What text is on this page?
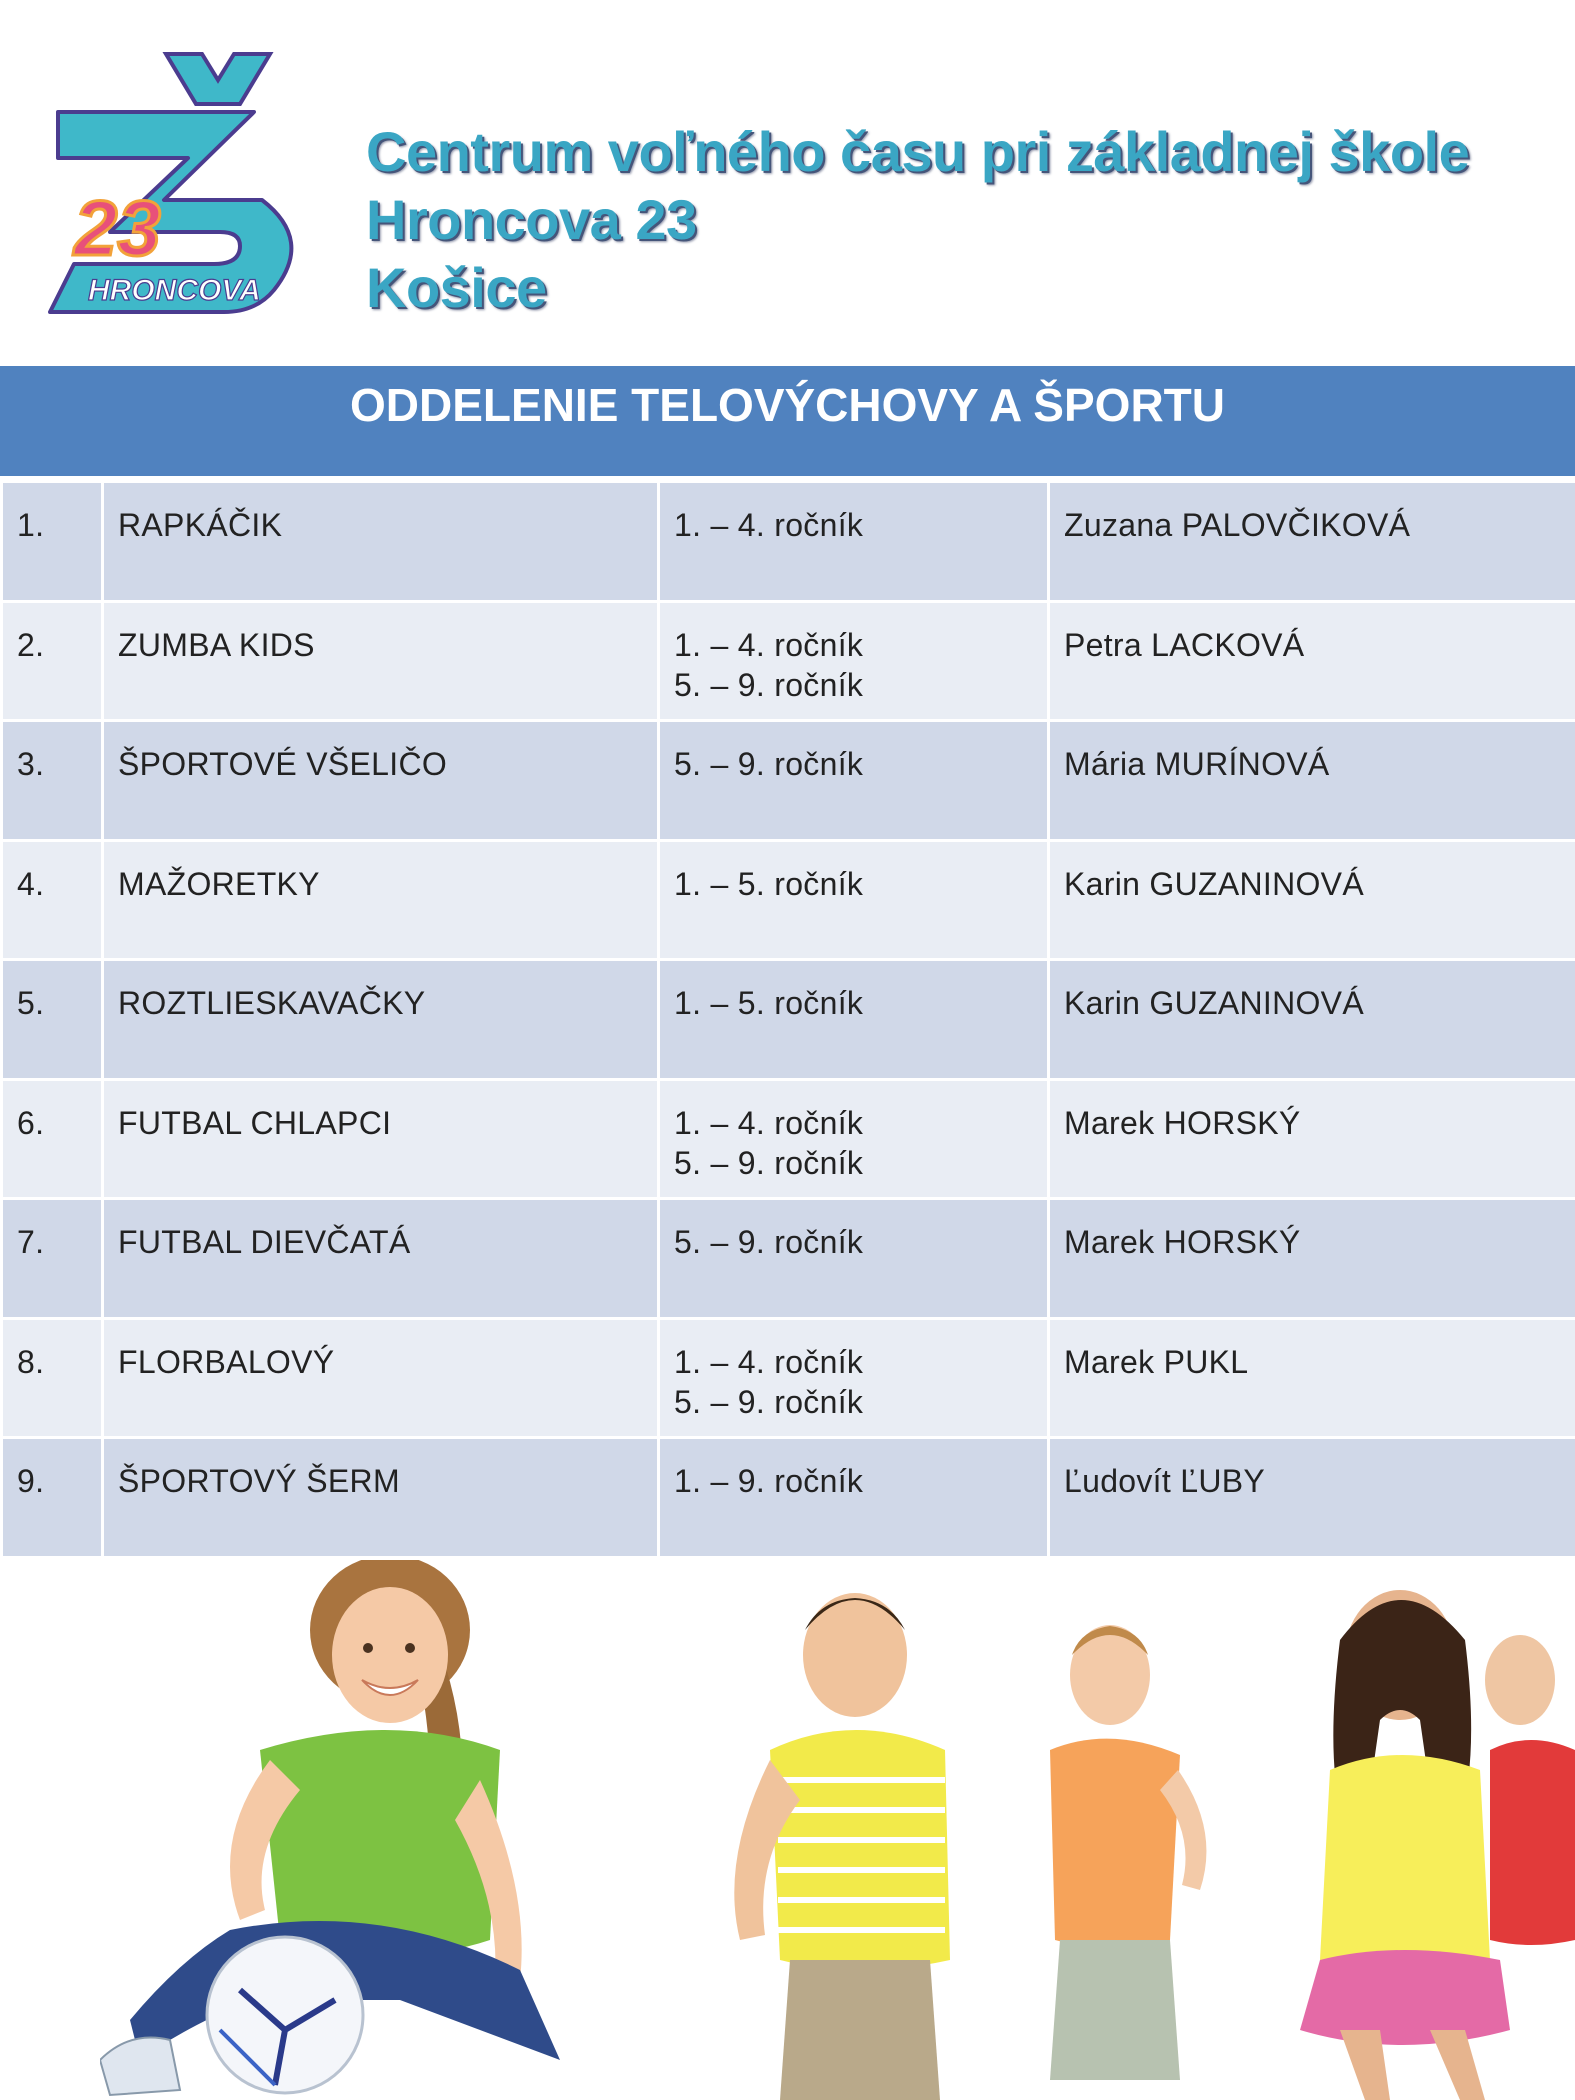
23
HRONCOVA
Centrum voľného času pri základnej škole
Hroncova 23
Košice
ODDELENIE TELOVÝCHOVY A ŠPORTU
1.	RAPKÁČIK	1. – 4. ročník	Zuzana PALOVČIKOVÁ
2.	ZUMBA KIDS	1. – 4. ročník
5. – 9. ročník	Petra LACKOVÁ
3.	ŠPORTOVÉ VŠELIČO	5. – 9. ročník	Mária MURÍNOVÁ
4.	MAŽORETKY	1. – 5. ročník	Karin GUZANINOVÁ
5.	ROZTLIESKAVAČKY	1. – 5. ročník	Karin GUZANINOVÁ
6.	FUTBAL CHLAPCI	1. – 4. ročník
5. – 9. ročník	Marek HORSKÝ
7.	FUTBAL DIEVČATÁ	5. – 9. ročník	Marek HORSKÝ
8.	FLORBALOVÝ	1. – 4. ročník
5. – 9. ročník	Marek PUKL
9.	ŠPORTOVÝ ŠERM	1. – 9. ročník	Ľudovít ĽUBY
